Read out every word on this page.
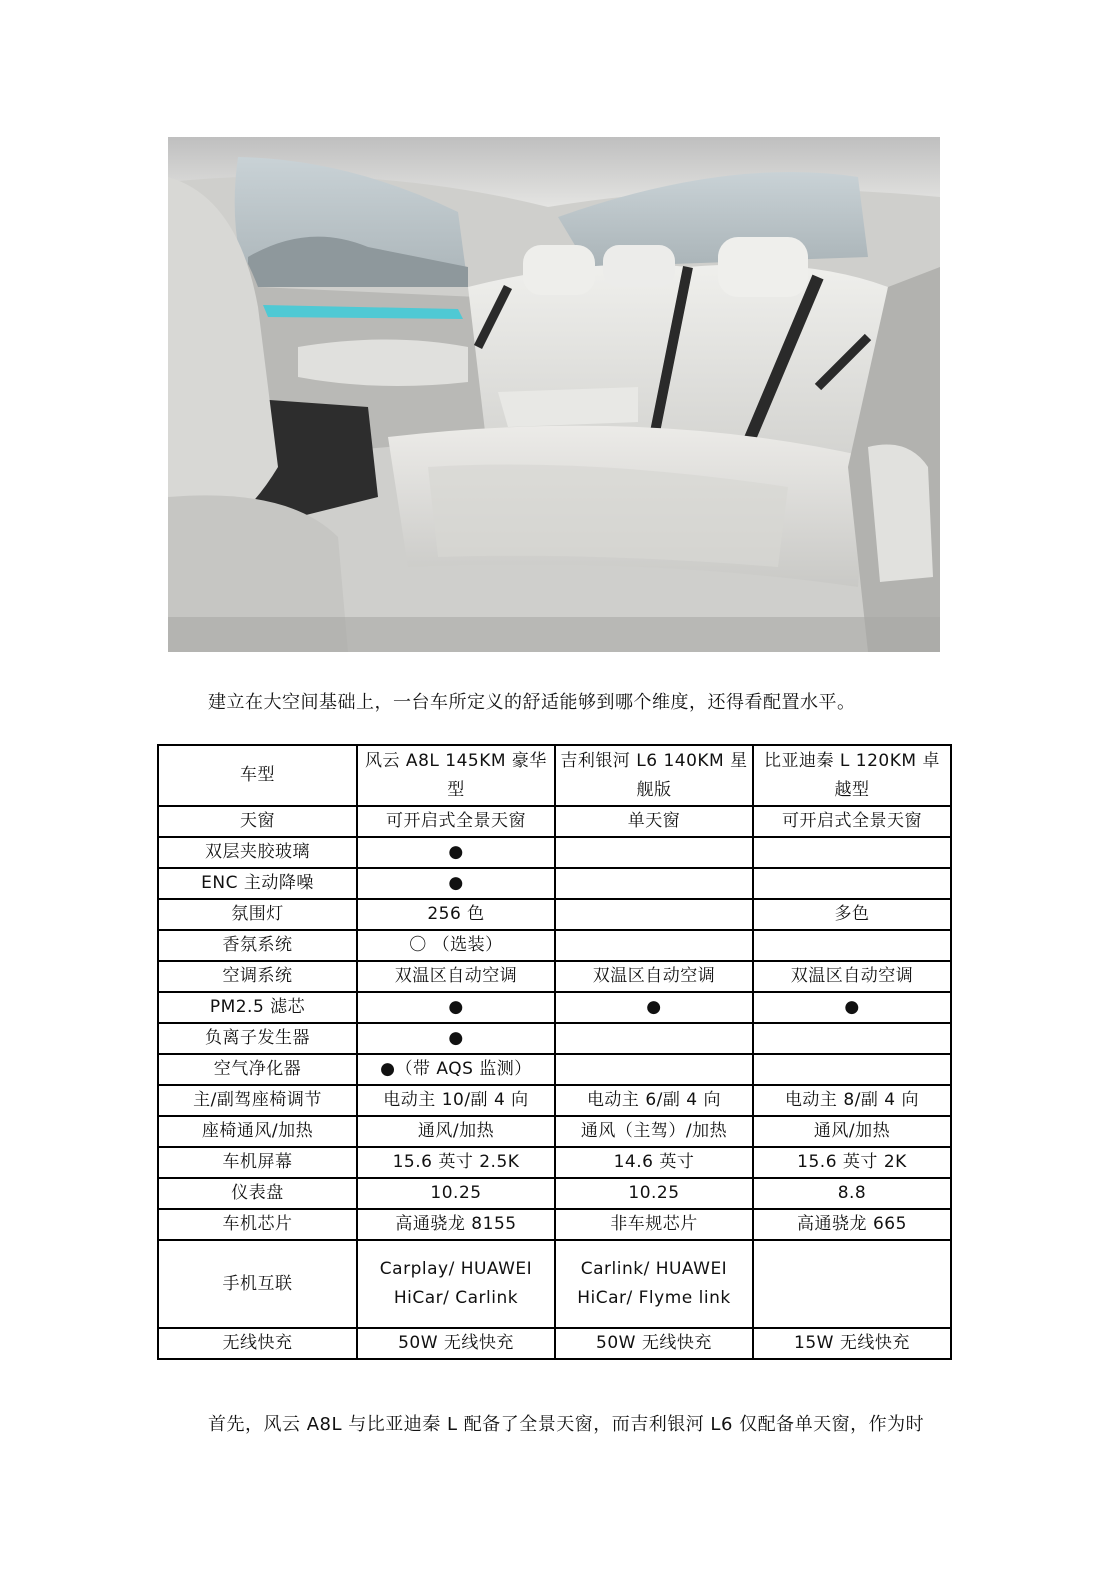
建立在大空间基础上，一台车所定义的舒适能够到哪个维度，还得看配置水平。
车型	风云 A8L 145KM 豪华型	吉利银河 L6 140KM 星舰版	比亚迪秦 L 120KM 卓越型
天窗	可开启式全景天窗	单天窗	可开启式全景天窗
双层夹胶玻璃	●		
ENC 主动降噪	●		
氛围灯	256 色		多色
香氛系统	〇 （选装）		
空调系统	双温区自动空调	双温区自动空调	双温区自动空调
PM2.5 滤芯	●	●	●
负离子发生器	●		
空气净化器	●（带 AQS 监测）		
主/副驾座椅调节	电动主 10/副 4 向	电动主 6/副 4 向	电动主 8/副 4 向
座椅通风/加热	通风/加热	通风（主驾）/加热	通风/加热
车机屏幕	15.6 英寸 2.5K	14.6 英寸	15.6 英寸 2K
仪表盘	10.25	10.25	8.8
车机芯片	高通骁龙 8155	非车规芯片	高通骁龙 665
手机互联	Carplay/ HUAWEI HiCar/ Carlink	Carlink/ HUAWEI HiCar/ Flyme link	
无线快充	50W 无线快充	50W 无线快充	15W 无线快充
首先，风云 A8L 与比亚迪秦 L 配备了全景天窗，而吉利银河 L6 仅配备单天窗，作为时
